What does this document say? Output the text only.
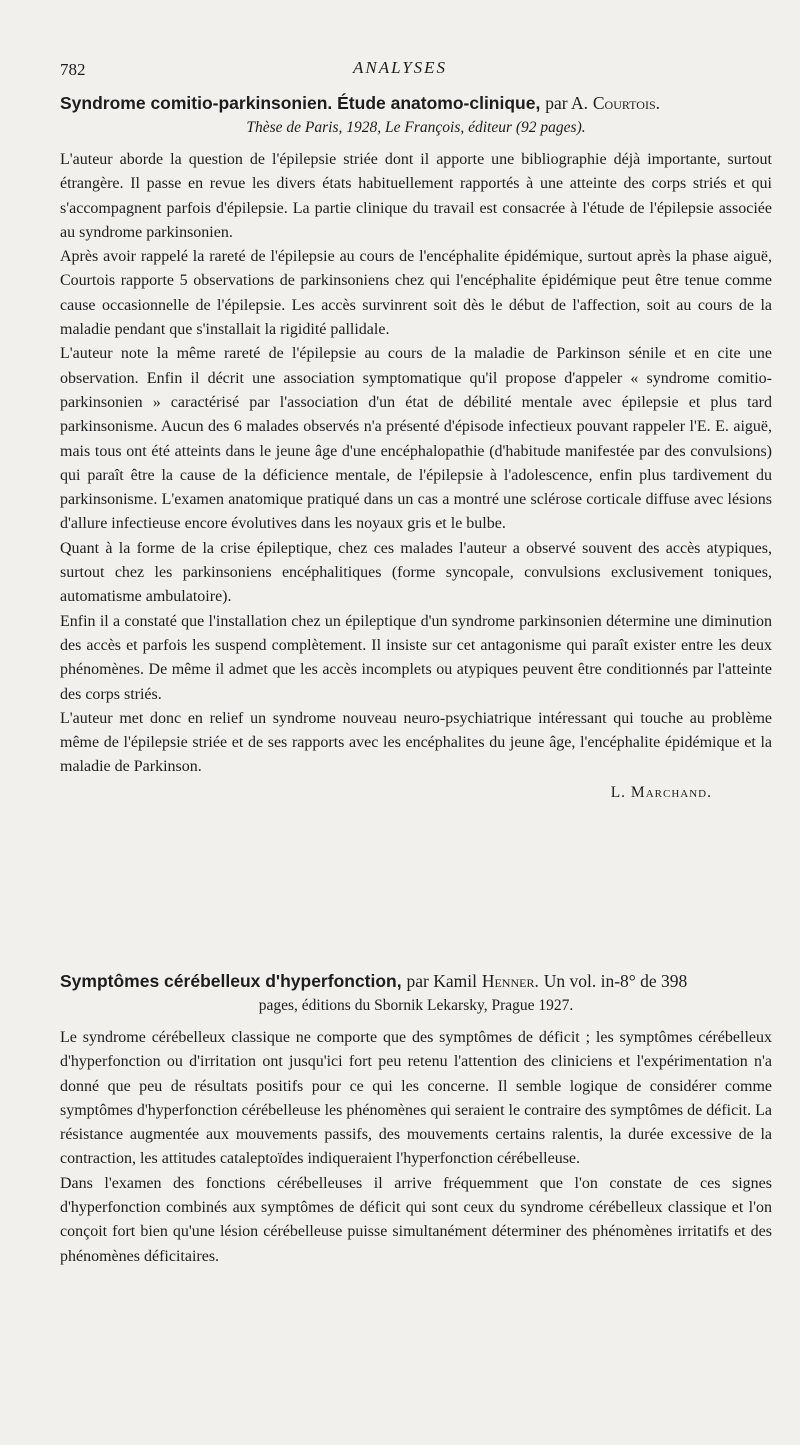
782	ANALYSES

Syndrome comitio-parkinsonien. Étude anatomo-clinique, par A. Courtois.

Thèse de Paris, 1928, Le François, éditeur (92 pages).

L'auteur aborde la question de l'épilepsie striée dont il apporte une bibliographie déjà importante, surtout étrangère. Il passe en revue les divers états habituellement rapportés à une atteinte des corps striés et qui s'accompagnent parfois d'épilepsie. La partie clinique du travail est consacrée à l'étude de l'épilepsie associée au syndrome parkinsonien.

Après avoir rappelé la rareté de l'épilepsie au cours de l'encéphalite épidémique, surtout après la phase aiguë, Courtois rapporte 5 observations de parkinsoniens chez qui l'encéphalite épidémique peut être tenue comme cause occasionnelle de l'épilepsie. Les accès survinrent soit dès le début de l'affection, soit au cours de la maladie pendant que s'installait la rigidité pallidale.

L'auteur note la même rareté de l'épilepsie au cours de la maladie de Parkinson sénile et en cite une observation. Enfin il décrit une association symptomatique qu'il propose d'appeler « syndrome comitio-parkinsonien » caractérisé par l'association d'un état de débilité mentale avec épilepsie et plus tard parkinsonisme. Aucun des 6 malades observés n'a présenté d'épisode infectieux pouvant rappeler l'E. E. aiguë, mais tous ont été atteints dans le jeune âge d'une encéphalopathie (d'habitude manifestée par des convulsions) qui paraît être la cause de la déficience mentale, de l'épilepsie à l'adolescence, enfin plus tardivement du parkinsonisme. L'examen anatomique pratiqué dans un cas a montré une sclérose corticale diffuse avec lésions d'allure infectieuse encore évolutives dans les noyaux gris et le bulbe.

Quant à la forme de la crise épileptique, chez ces malades l'auteur a observé souvent des accès atypiques, surtout chez les parkinsoniens encéphalitiques (forme syncopale, convulsions exclusivement toniques, automatisme ambulatoire).

Enfin il a constaté que l'installation chez un épileptique d'un syndrome parkinsonien détermine une diminution des accès et parfois les suspend complètement. Il insiste sur cet antagonisme qui paraît exister entre les deux phénomènes. De même il admet que les accès incomplets ou atypiques peuvent être conditionnés par l'atteinte des corps striés.

L'auteur met donc en relief un syndrome nouveau neuro-psychiatrique intéressant qui touche au problème même de l'épilepsie striée et de ses rapports avec les encéphalites du jeune âge, l'encéphalite épidémique et la maladie de Parkinson.

L. Marchand.

Symptômes cérébelleux d'hyperfonction, par Kamil Henner. Un vol. in-8° de 398

pages, éditions du Sbornik Lekarsky, Prague 1927.

Le syndrome cérébelleux classique ne comporte que des symptômes de déficit ; les symptômes cérébelleux d'hyperfonction ou d'irritation ont jusqu'ici fort peu retenu l'attention des cliniciens et l'expérimentation n'a donné que peu de résultats positifs pour ce qui les concerne. Il semble logique de considérer comme symptômes d'hyperfonction cérébelleuse les phénomènes qui seraient le contraire des symptômes de déficit. La résistance augmentée aux mouvements passifs, des mouvements certains ralentis, la durée excessive de la contraction, les attitudes cataleptoïdes indiqueraient l'hyperfonction cérébelleuse.

Dans l'examen des fonctions cérébelleuses il arrive fréquemment que l'on constate de ces signes d'hyperfonction combinés aux symptômes de déficit qui sont ceux du syndrome cérébelleux classique et l'on conçoit fort bien qu'une lésion cérébelleuse puisse simultanément déterminer des phénomènes irritatifs et des phénomènes déficitaires.
